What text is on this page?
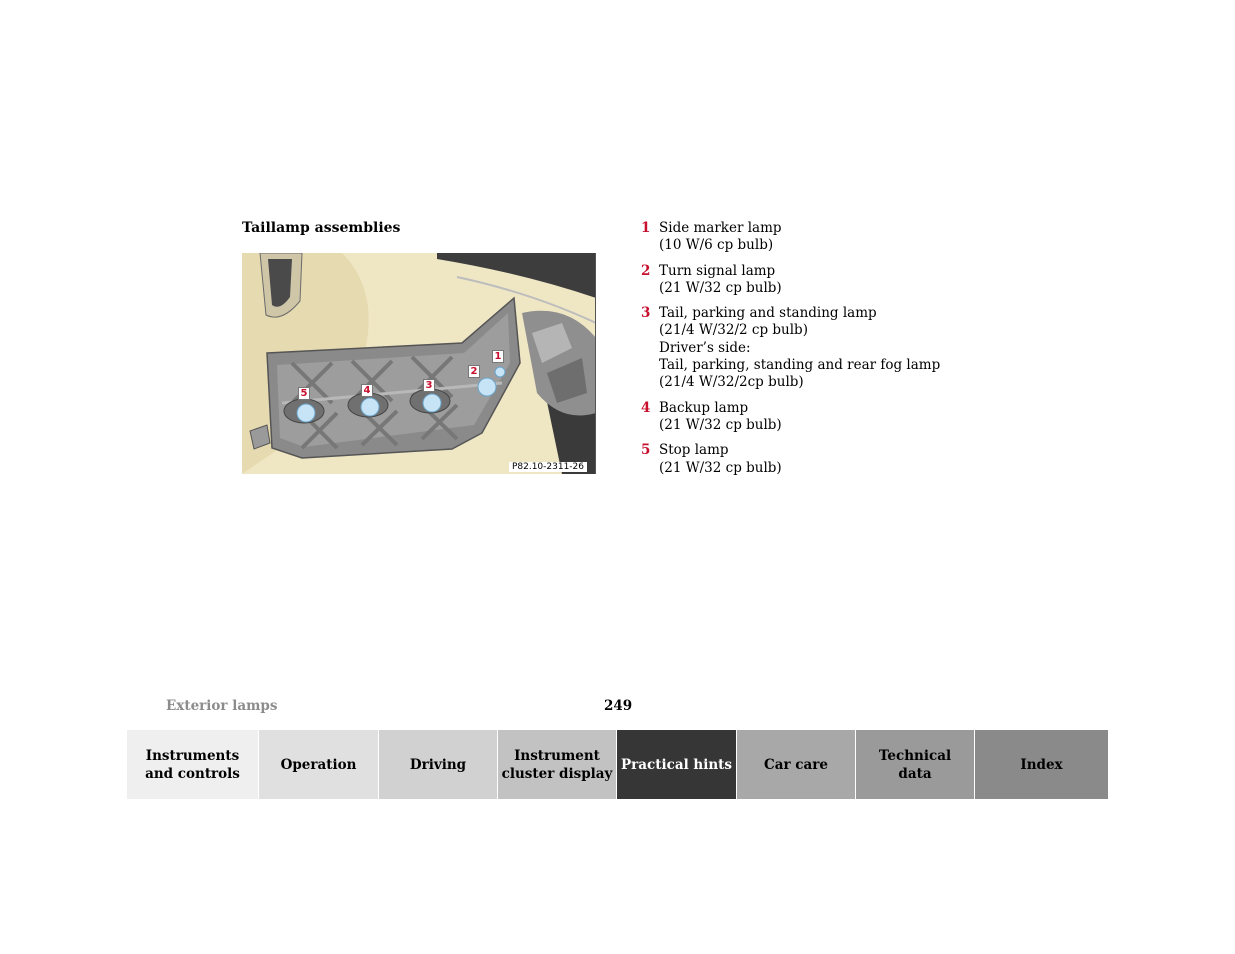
Taillamp assemblies
1
2
3
4
5
P82.10-2311-26
1 Side marker lamp
(10 W/6 cp bulb)
2 Turn signal lamp
(21 W/32 cp bulb)
3 Tail, parking and standing lamp
(21/4 W/32/2 cp bulb)
Driver’s side:
Tail, parking, standing and rear fog lamp
(21/4 W/32/2cp bulb)
4 Backup lamp
(21 W/32 cp bulb)
5 Stop lamp
(21 W/32 cp bulb)
Exterior lamps	249
Instruments
and controls
Operation	Driving
Instrument
cluster display
Practical hints	Car care
Technical
data
Index
